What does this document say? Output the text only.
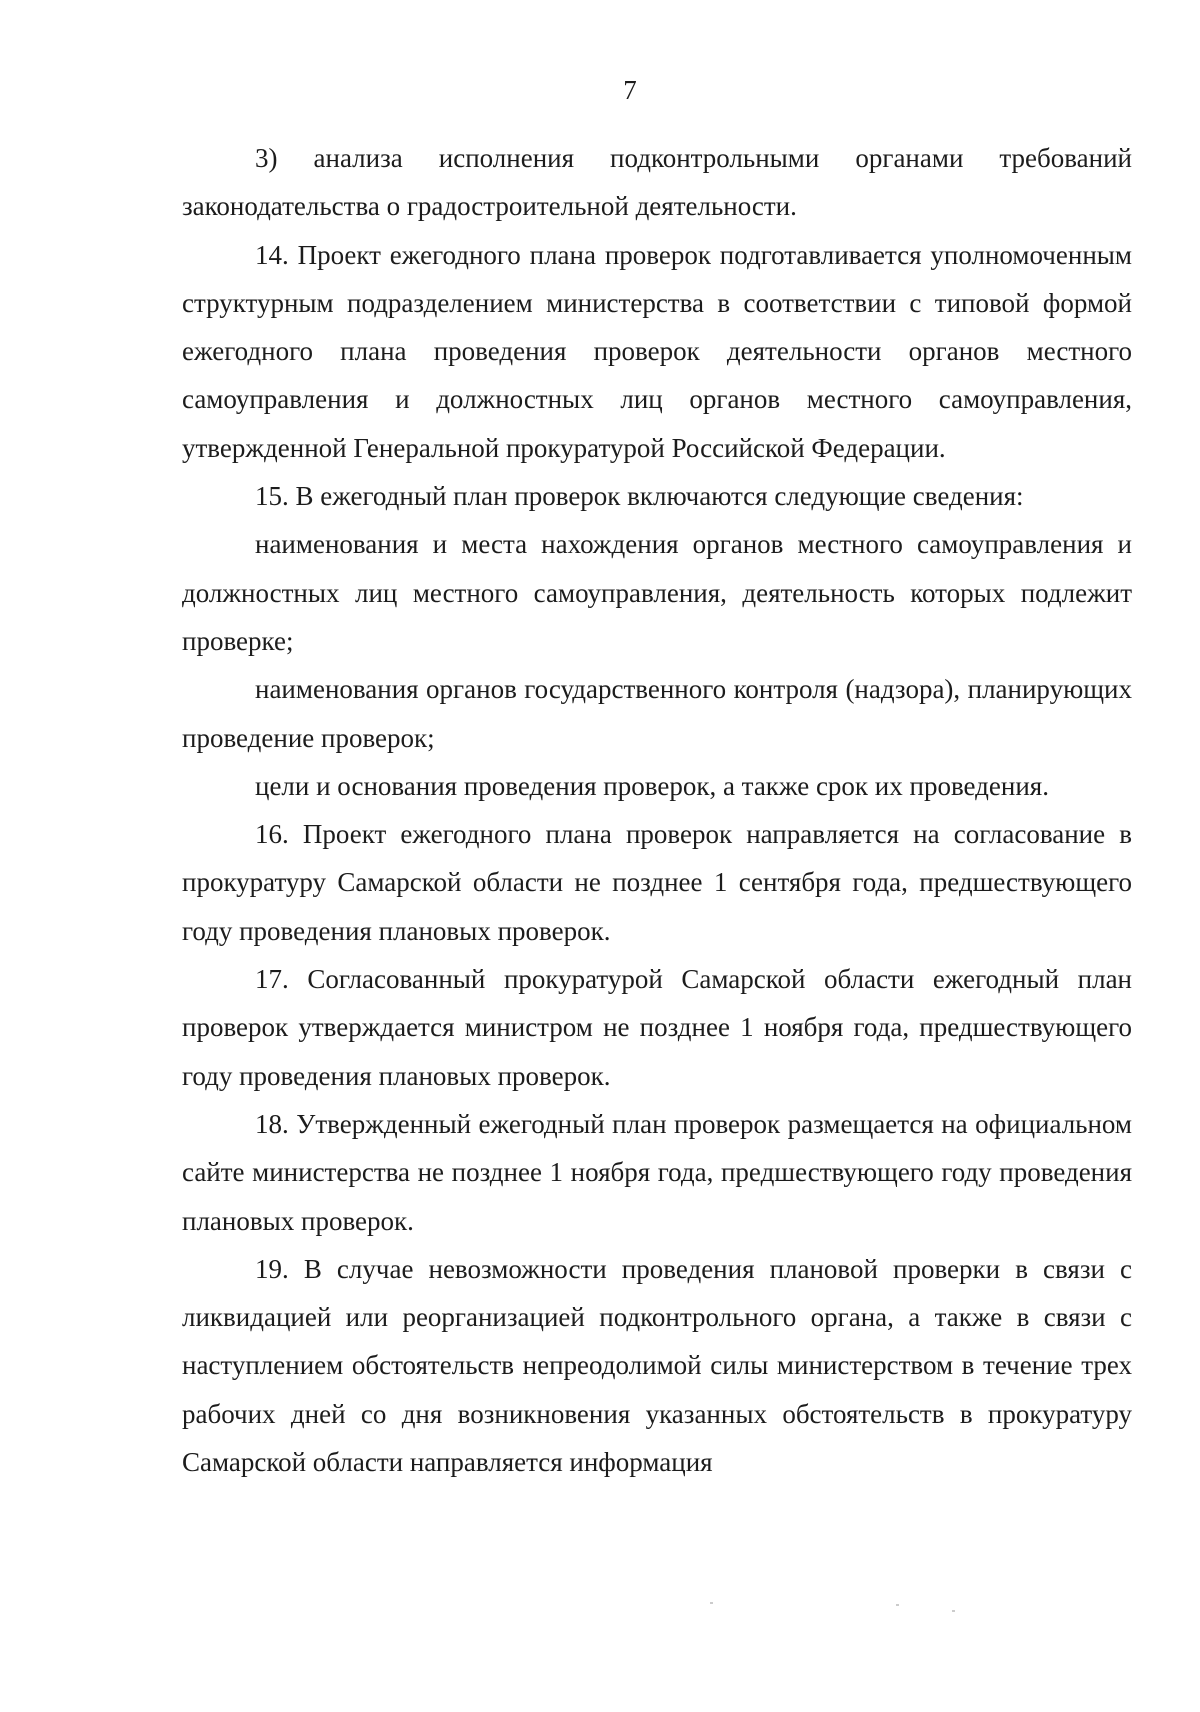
7

3) анализа исполнения подконтрольными органами требований законодательства о градостроительной деятельности.

14. Проект ежегодного плана проверок подготавливается уполномоченным структурным подразделением министерства в соответствии с типовой формой ежегодного плана проведения проверок деятельности органов местного самоуправления и должностных лиц органов местного самоуправления, утвержденной Генеральной прокуратурой Российской Федерации.

15. В ежегодный план проверок включаются следующие сведения:

наименования и места нахождения органов местного самоуправления и должностных лиц местного самоуправления, деятельность которых подлежит проверке;

наименования органов государственного контроля (надзора), планирующих проведение проверок;

цели и основания проведения проверок, а также срок их проведения.

16. Проект ежегодного плана проверок направляется на согласование в прокуратуру Самарской области не позднее 1 сентября года, предшествующего году проведения плановых проверок.

17. Согласованный прокуратурой Самарской области ежегодный план проверок утверждается министром не позднее 1 ноября года, предшествующего году проведения плановых проверок.

18. Утвержденный ежегодный план проверок размещается на официальном сайте министерства не позднее 1 ноября года, предшествующего году проведения плановых проверок.

19. В случае невозможности проведения плановой проверки в связи с ликвидацией или реорганизацией подконтрольного органа, а также в связи с наступлением обстоятельств непреодолимой силы министерством в течение трех рабочих дней со дня возникновения указанных обстоятельств в прокуратуру Самарской области направляется информация
